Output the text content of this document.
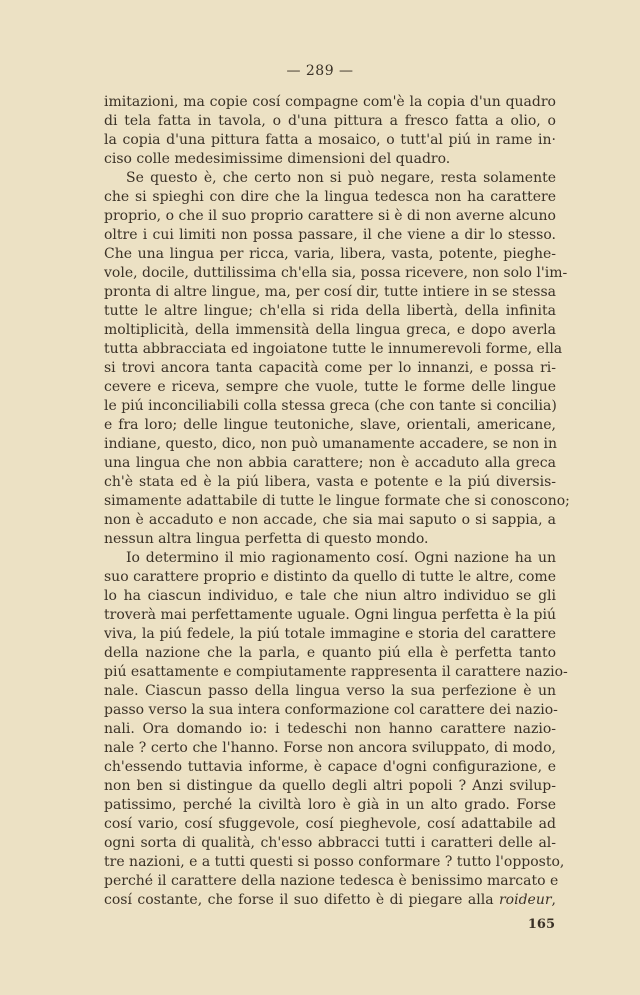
— 289 —
imitazioni, ma copie cosí compagne com'è la copia d'un quadro
di tela fatta in tavola, o d'una pittura a fresco fatta a olio, o
la copia d'una pittura fatta a mosaico, o tutt'al piú in rame in·
ciso colle medesimissime dimensioni del quadro.
Se questo è, che certo non si può negare, resta solamente
che si spieghi con dire che la lingua tedesca non ha carattere
proprio, o che il suo proprio carattere si è di non averne alcuno
oltre i cui limiti non possa passare, il che viene a dir lo stesso.
Che una lingua per ricca, varia, libera, vasta, potente, pieghe-
vole, docile, duttilissima ch'ella sia, possa ricevere, non solo l'im-
pronta di altre lingue, ma, per cosí dir, tutte intiere in se stessa
tutte le altre lingue; ch'ella si rida della libertà, della infinita
moltiplicità, della immensità della lingua greca, e dopo averla
tutta abbracciata ed ingoiatone tutte le innumerevoli forme, ella
si trovi ancora tanta capacità come per lo innanzi, e possa ri-
cevere e riceva, sempre che vuole, tutte le forme delle lingue
le piú inconciliabili colla stessa greca (che con tante si concilia)
e fra loro; delle lingue teutoniche, slave, orientali, americane,
indiane, questo, dico, non può umanamente accadere, se non in
una lingua che non abbia carattere; non è accaduto alla greca
ch'è stata ed è la piú libera, vasta e potente e la piú diversis-
simamente adattabile di tutte le lingue formate che si conoscono;
non è accaduto e non accade, che sia mai saputo o si sappia, a
nessun altra lingua perfetta di questo mondo.
Io determino il mio ragionamento cosí. Ogni nazione ha un
suo carattere proprio e distinto da quello di tutte le altre, come
lo ha ciascun individuo, e tale che niun altro individuo se gli
troverà mai perfettamente uguale. Ogni lingua perfetta è la piú
viva, la piú fedele, la piú totale immagine e storia del carattere
della nazione che la parla, e quanto piú ella è perfetta tanto
piú esattamente e compiutamente rappresenta il carattere nazio-
nale. Ciascun passo della lingua verso la sua perfezione è un
passo verso la sua intera conformazione col carattere dei nazio-
nali. Ora domando io: i tedeschi non hanno carattere nazio-
nale ? certo che l'hanno. Forse non ancora sviluppato, di modo,
ch'essendo tuttavia informe, è capace d'ogni configurazione, e
non ben si distingue da quello degli altri popoli ? Anzi svilup-
patissimo, perché la civiltà loro è già in un alto grado. Forse
cosí vario, cosí sfuggevole, cosí pieghevole, cosí adattabile ad
ogni sorta di qualità, ch'esso abbracci tutti i caratteri delle al-
tre nazioni, e a tutti questi si posso conformare ? tutto l'opposto,
perché il carattere della nazione tedesca è benissimo marcato e
cosí costante, che forse il suo difetto è di piegare alla roideur,
165
